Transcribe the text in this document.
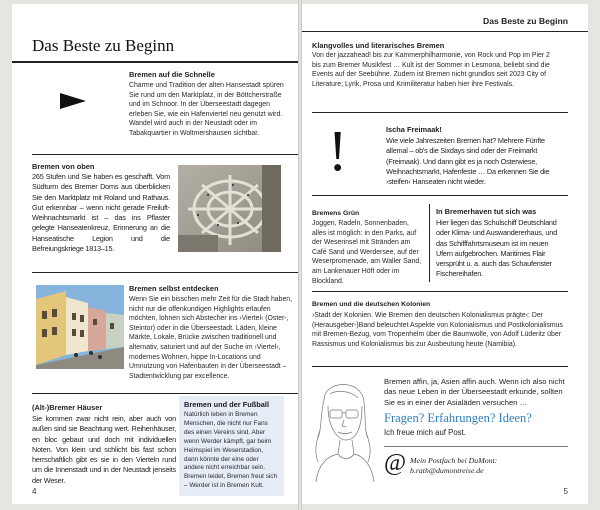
Das Beste zu Beginn
Bremen auf die Schnelle
Charme und Tradition der alten Hansestadt spüren Sie rund um den Marktplatz, in der Böttcherstraße und im Schnoor. In der Überseestadt dagegen erleben Sie, wie ein Hafenviertel neu genutzt wird. Wandel wird auch in der Neustadt oder im Tabakquartier in Woltmershausen sichtbar.
Bremen von oben
265 Stufen und Sie haben es geschafft. Vom Südturm des Bremer Doms aus überblicken Sie den Marktplatz mit Roland und Rathaus. Gut erkennbar – wenn nicht gerade Freiluft-Weihnachtsmarkt ist – das ins Pflaster gelegte Hanseatenkreuz, Erinnerung an die Hanseatische Legion und die Befreiungskriege 1813–15.
Bremen selbst entdecken
Wenn Sie ein bisschen mehr Zeit für die Stadt haben, nicht nur die offenkundigen Highlights erlaufen möchten, lohnen sich Abstecher ins ›Viertel‹ (Oster-, Steintor) oder in die Überseestadt. Läden, kleine Märkte, Lokale, Brücke zwischen traditionell und alternativ, saturiert und auf der Suche im ›Viertel‹, modernes Wohnen, hippe In-Locations und Umnutzung von Hafenbauten in der Überseestadt – Stadtentwicklung par excellence.
(Alt-)Bremer Häuser
Sie kommen zwar nicht rein, aber auch von außen sind sie Beachtung wert. Reihenhäuser, en bloc gebaut und doch mit individuellen Noten. Von klein und schlicht bis fast schon herrschaftlich gibt es sie in den Vierteln rund um die Innenstadt und in der Neustadt jenseits der Weser.
Bremen und der Fußball
Natürlich leben in Bremen Menschen, die nicht nur Fans des einen Vereins sind. Aber wenn Werder kämpft, gar beim Heimspiel im Weserstadion, dann könnte der eine oder andere nicht erreichbar sein. Bremen leidet, Bremen freut sich – Werder ist in Bremen Kult.
4
Das Beste zu Beginn
Klangvolles und literarisches Bremen
Von der jazzahead! bis zur Kammerphilharmonie, von Rock und Pop im Pier 2 bis zum Bremer Musikfest … Kult ist der Sommer in Lesmona, beliebt sind die Events auf der Seebühne. Zudem ist Bremen nicht grundlos seit 2023 City of Literature; Lyrik, Prosa und Krimiliteratur haben hier ihre Festivals.
!	Ischa Freimaak!
Wie viele Jahreszeiten Bremen hat? Mehrere Fünfte allemal – ob's die Sixdays sind oder der Freimarkt (Freimaak). Und dann gibt es ja noch Osterwiese, Weihnachtsmarkt, Hafenfeste … Da erkennen Sie die ›steifen‹ Hanseaten nicht wieder.
Bremens Grün
Joggen, Radeln, Sonnenbaden, alles ist möglich: in den Parks, auf der Weserinsel mit Stränden am Café Sand und Werdersee, auf der Weserpromenade, am Waller Sand, am Lankenauer Höft oder im Blockland.
In Bremerhaven tut sich was
Hier liegen das Schulschiff Deutschland oder Klima- und Auswandererhaus, und das Schifffahrtsmuseum ist im neuen Ufern aufgebrochen. Maritimes Flair versprüht u. a. auch das Schaufenster Fischereihafen.
Bremen und die deutschen Kolonien
›Stadt der Kolonien. Wie Bremen den deutschen Kolonialismus prägte‹: Der (Herausgeber-)Band beleuchtet Aspekte von Kolonialismus und Postkolonialismus mit Bremen-Bezug, vom Tropenhelm über die Baumwolle, von Adolf Lüderitz über Rassismus und Kolonialismus bis zur Ausbeutung heute (Namibia).
Bremen affin, ja, Asien affin auch. Wenn ich also nicht das neue Leben in der Überseestadt erkunde, sollten Sie es in einer der Asialäden versuchen …
Fragen? Erfahrungen? Ideen?
Ich freue mich auf Post.
@ Mein Postfach bei DuMont:
b.rath@dumontreise.de
5
